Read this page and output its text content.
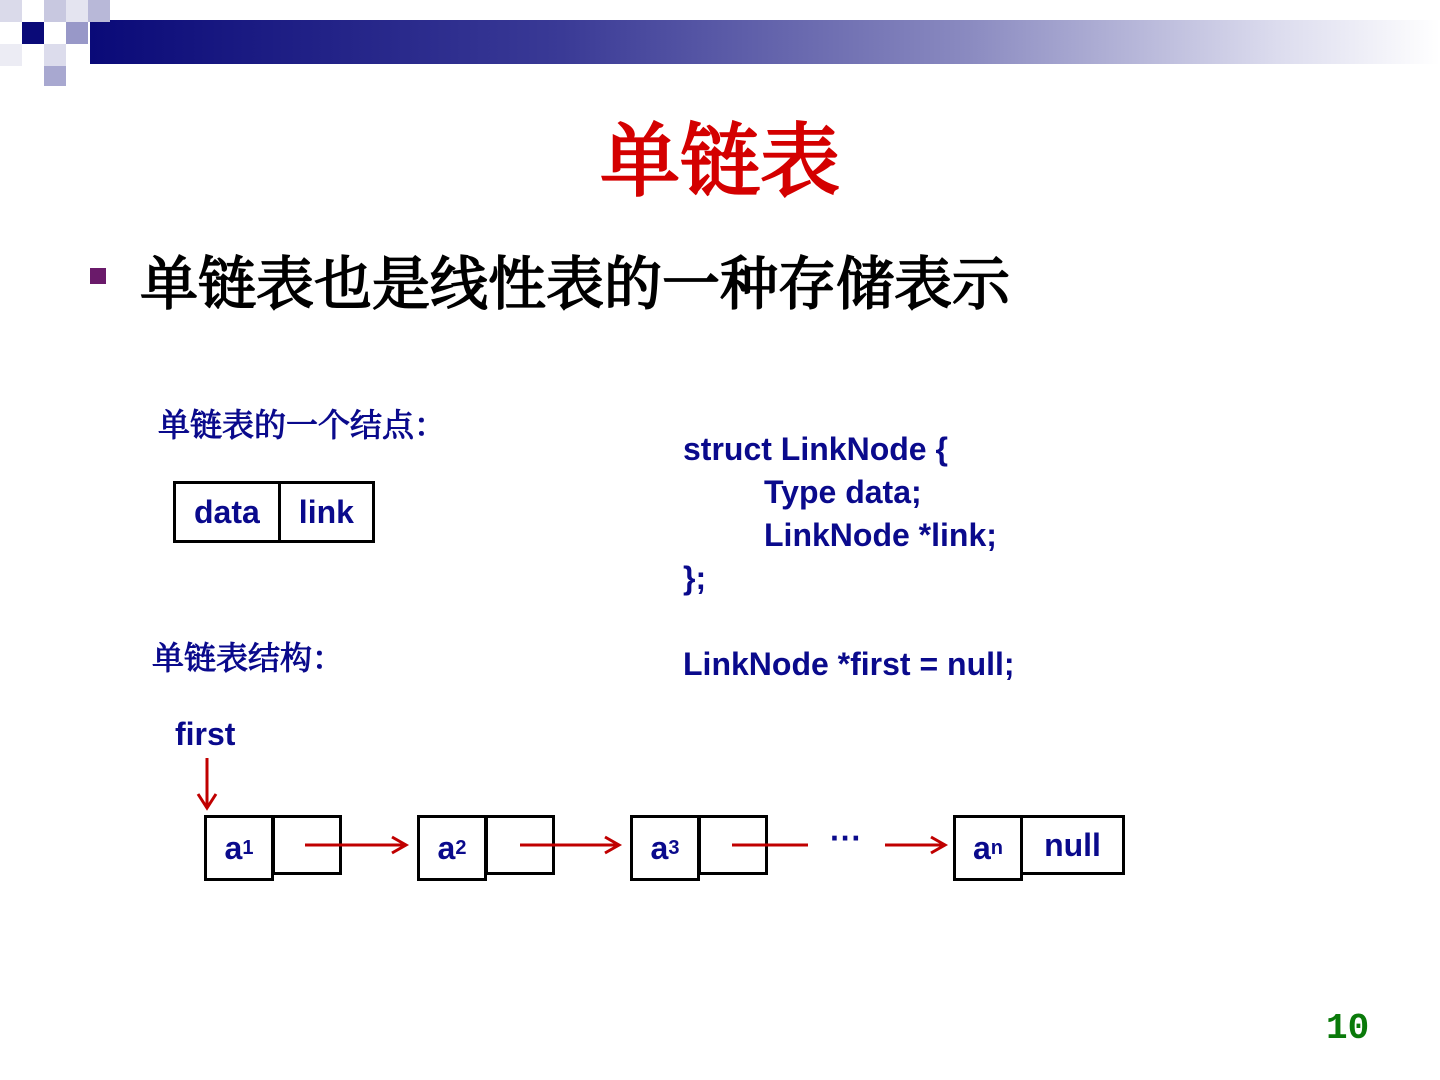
单链表
单链表也是线性表的一种存储表示
单链表的一个结点：
data	link
struct LinkNode {
Type data;
LinkNode *link;
};
LinkNode *first = null;
单链表结构：
first
a 1	a 2	a 3	···	null
a n
10
